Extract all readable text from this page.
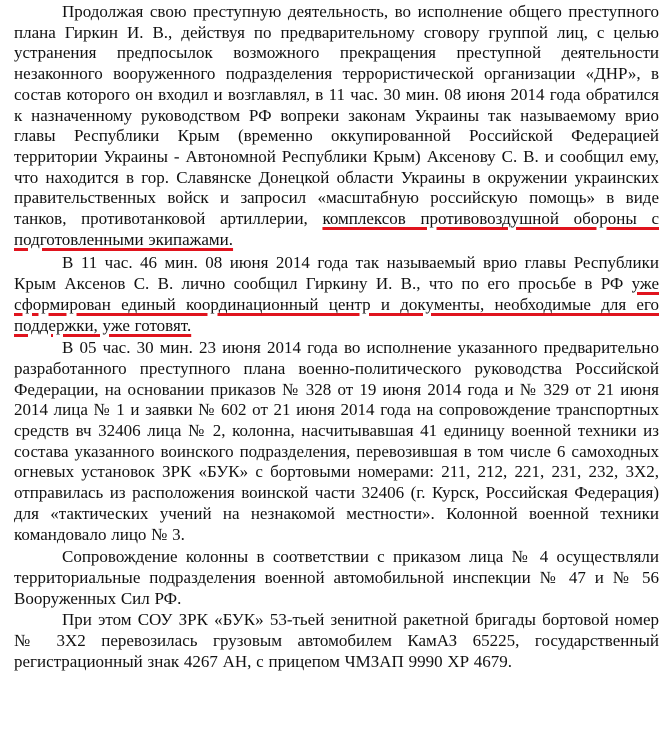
Продолжая свою преступную деятельность, во исполнение общего преступного плана Гиркин И. В., действуя по предварительному сговору группой лиц, с целью устранения предпосылок возможного прекращения преступной деятельности незаконного вооруженного подразделения террористической организации «ДНР», в состав которого он входил и возглавлял, в 11 час. 30 мин. 08 июня 2014 года обратился к назначенному руководством РФ вопреки законам Украины так называемому врио главы Республики Крым (временно оккупированной Российской Федерацией территории Украины - Автономной Республики Крым) Аксенову С. В. и сообщил ему, что находится в гор. Славянске Донецкой области Украины в окружении украинских правительственных войск и запросил «масштабную российскую помощь» в виде танков, противотанковой артиллерии, комплексов противовоздушной обороны с подготовленными экипажами.

В 11 час. 46 мин. 08 июня 2014 года так называемый врио главы Республики Крым Аксенов С. В. лично сообщил Гиркину И. В., что по его просьбе в РФ уже сформирован единый координационный центр и документы, необходимые для его поддержки, уже готовят.

В 05 час. 30 мин. 23 июня 2014 года во исполнение указанного предварительно разработанного преступного плана военно-политического руководства Российской Федерации, на основании приказов № 328 от 19 июня 2014 года и № 329 от 21 июня 2014 лица № 1 и заявки № 602 от 21 июня 2014 года на сопровождение транспортных средств вч 32406 лица № 2, колонна, насчитывавшая 41 единицу военной техники из состава указанного воинского подразделения, перевозившая в том числе 6 самоходных огневых установок ЗРК «БУК» с бортовыми номерами: 211, 212, 221, 231, 232, 3Х2, отправилась из расположения воинской части 32406 (г. Курск, Российская Федерация) для «тактических учений на незнакомой местности». Колонной военной техники командовало лицо № 3.

Сопровождение колонны в соответствии с приказом лица № 4 осуществляли территориальные подразделения военной автомобильной инспекции № 47 и № 56 Вооруженных Сил РФ.

При этом СОУ ЗРК «БУК» 53-тьей зенитной ракетной бригады бортовой номер № 3Х2 перевозилась грузовым автомобилем КамАЗ 65225, государственный регистрационный знак 4267 АН, с прицепом ЧМЗАП 9990 ХР 4679.
